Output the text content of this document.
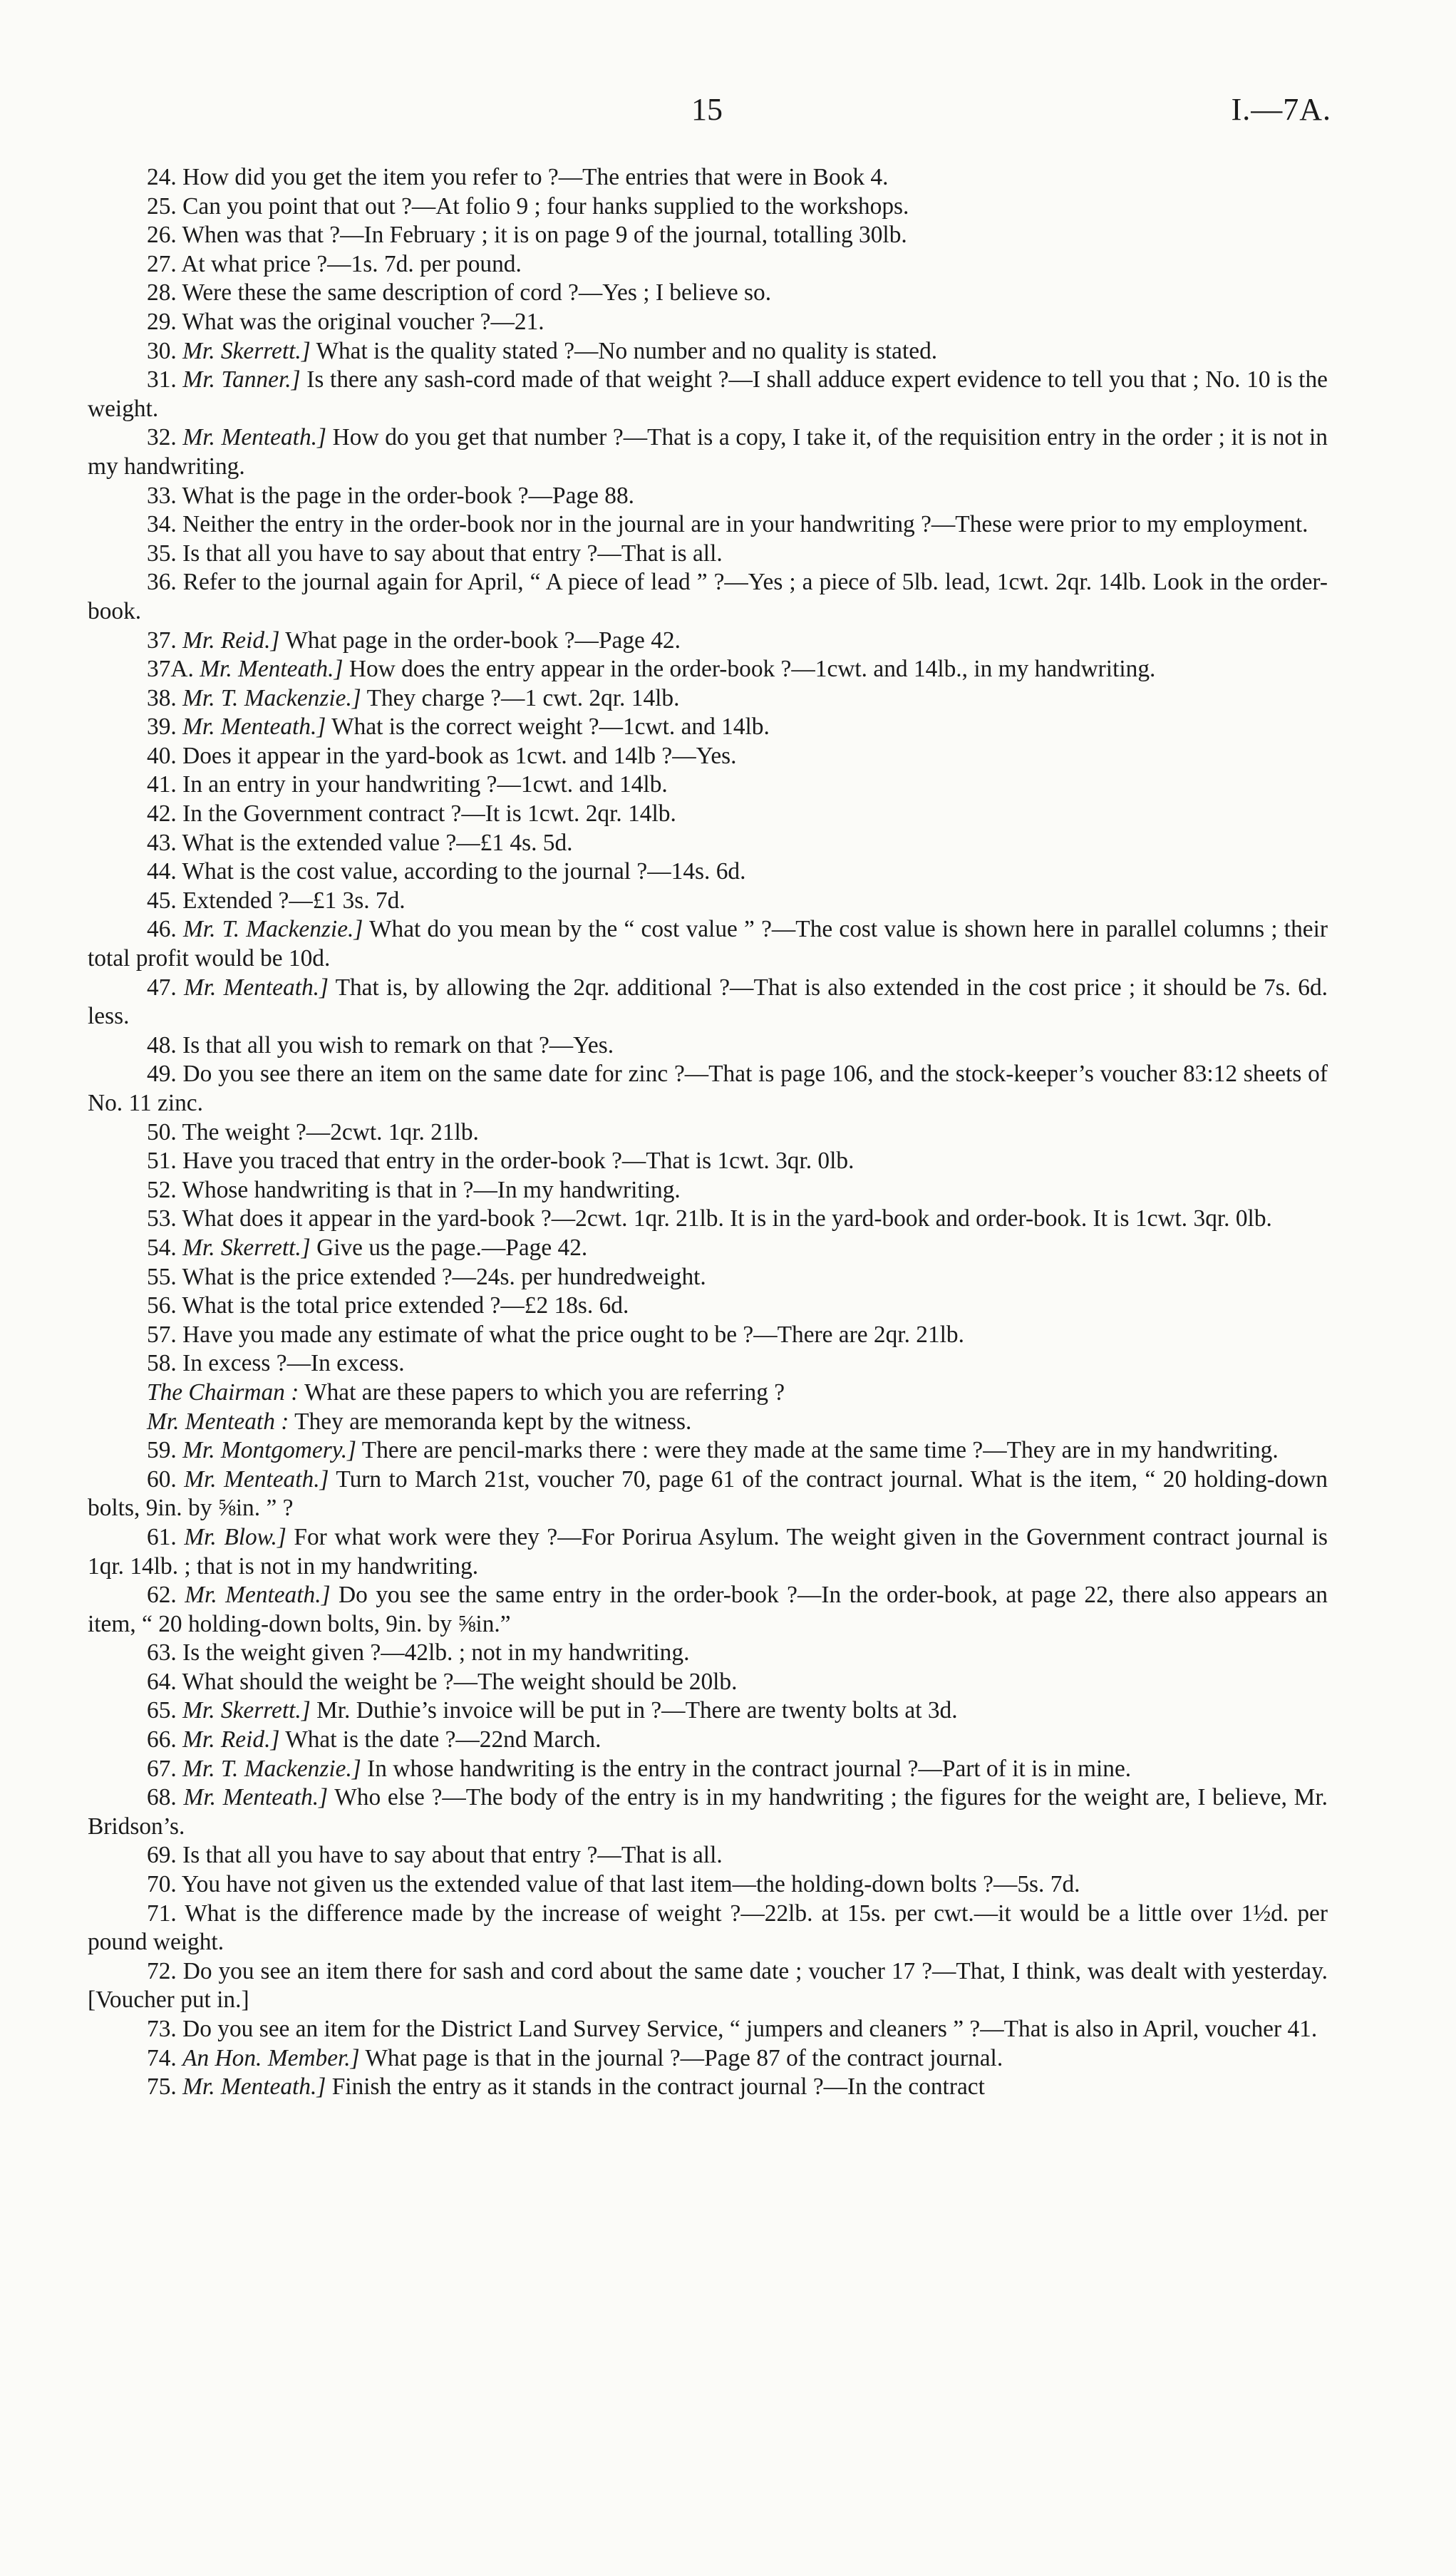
15	I.—7A.

24. How did you get the item you refer to ?—The entries that were in Book 4.

25. Can you point that out ?—At folio 9 ; four hanks supplied to the workshops.

26. When was that ?—In February ; it is on page 9 of the journal, totalling 30lb.

27. At what price ?—1s. 7d. per pound.

28. Were these the same description of cord ?—Yes ; I believe so.

29. What was the original voucher ?—21.

30. Mr. Skerrett.] What is the quality stated ?—No number and no quality is stated.

31. Mr. Tanner.] Is there any sash-cord made of that weight ?—I shall adduce expert evidence to tell you that ; No. 10 is the weight.

32. Mr. Menteath.] How do you get that number ?—That is a copy, I take it, of the requisition entry in the order ; it is not in my handwriting.

33. What is the page in the order-book ?—Page 88.

34. Neither the entry in the order-book nor in the journal are in your handwriting ?—These were prior to my employment.

35. Is that all you have to say about that entry ?—That is all.

36. Refer to the journal again for April, “ A piece of lead ” ?—Yes ; a piece of 5lb. lead, 1cwt. 2qr. 14lb. Look in the order-book.

37. Mr. Reid.] What page in the order-book ?—Page 42.

37A. Mr. Menteath.] How does the entry appear in the order-book ?—1cwt. and 14lb., in my handwriting.

38. Mr. T. Mackenzie.] They charge ?—1 cwt. 2qr. 14lb.

39. Mr. Menteath.] What is the correct weight ?—1cwt. and 14lb.

40. Does it appear in the yard-book as 1cwt. and 14lb ?—Yes.

41. In an entry in your handwriting ?—1cwt. and 14lb.

42. In the Government contract ?—It is 1cwt. 2qr. 14lb.

43. What is the extended value ?—£1 4s. 5d.

44. What is the cost value, according to the journal ?—14s. 6d.

45. Extended ?—£1 3s. 7d.

46. Mr. T. Mackenzie.] What do you mean by the “ cost value ” ?—The cost value is shown here in parallel columns ; their total profit would be 10d.

47. Mr. Menteath.] That is, by allowing the 2qr. additional ?—That is also extended in the cost price ; it should be 7s. 6d. less.

48. Is that all you wish to remark on that ?—Yes.

49. Do you see there an item on the same date for zinc ?—That is page 106, and the stock-keeper’s voucher 83:12 sheets of No. 11 zinc.

50. The weight ?—2cwt. 1qr. 21lb.

51. Have you traced that entry in the order-book ?—That is 1cwt. 3qr. 0lb.

52. Whose handwriting is that in ?—In my handwriting.

53. What does it appear in the yard-book ?—2cwt. 1qr. 21lb. It is in the yard-book and order-book. It is 1cwt. 3qr. 0lb.

54. Mr. Skerrett.] Give us the page.—Page 42.

55. What is the price extended ?—24s. per hundredweight.

56. What is the total price extended ?—£2 18s. 6d.

57. Have you made any estimate of what the price ought to be ?—There are 2qr. 21lb.

58. In excess ?—In excess.

The Chairman : What are these papers to which you are referring ?

Mr. Menteath : They are memoranda kept by the witness.

59. Mr. Montgomery.] There are pencil-marks there : were they made at the same time ?—They are in my handwriting.

60. Mr. Menteath.] Turn to March 21st, voucher 70, page 61 of the contract journal. What is the item, “ 20 holding-down bolts, 9in. by ⅝in. ” ?

61. Mr. Blow.] For what work were they ?—For Porirua Asylum. The weight given in the Government contract journal is 1qr. 14lb. ; that is not in my handwriting.

62. Mr. Menteath.] Do you see the same entry in the order-book ?—In the order-book, at page 22, there also appears an item, “ 20 holding-down bolts, 9in. by ⅝in.”

63. Is the weight given ?—42lb. ; not in my handwriting.

64. What should the weight be ?—The weight should be 20lb.

65. Mr. Skerrett.] Mr. Duthie’s invoice will be put in ?—There are twenty bolts at 3d.

66. Mr. Reid.] What is the date ?—22nd March.

67. Mr. T. Mackenzie.] In whose handwriting is the entry in the contract journal ?—Part of it is in mine.

68. Mr. Menteath.] Who else ?—The body of the entry is in my handwriting ; the figures for the weight are, I believe, Mr. Bridson’s.

69. Is that all you have to say about that entry ?—That is all.

70. You have not given us the extended value of that last item—the holding-down bolts ?—5s. 7d.

71. What is the difference made by the increase of weight ?—22lb. at 15s. per cwt.—it would be a little over 1½d. per pound weight.

72. Do you see an item there for sash and cord about the same date ; voucher 17 ?—That, I think, was dealt with yesterday. [Voucher put in.]

73. Do you see an item for the District Land Survey Service, “ jumpers and cleaners ” ?—That is also in April, voucher 41.

74. An Hon. Member.] What page is that in the journal ?—Page 87 of the contract journal.

75. Mr. Menteath.] Finish the entry as it stands in the contract journal ?—In the contract
